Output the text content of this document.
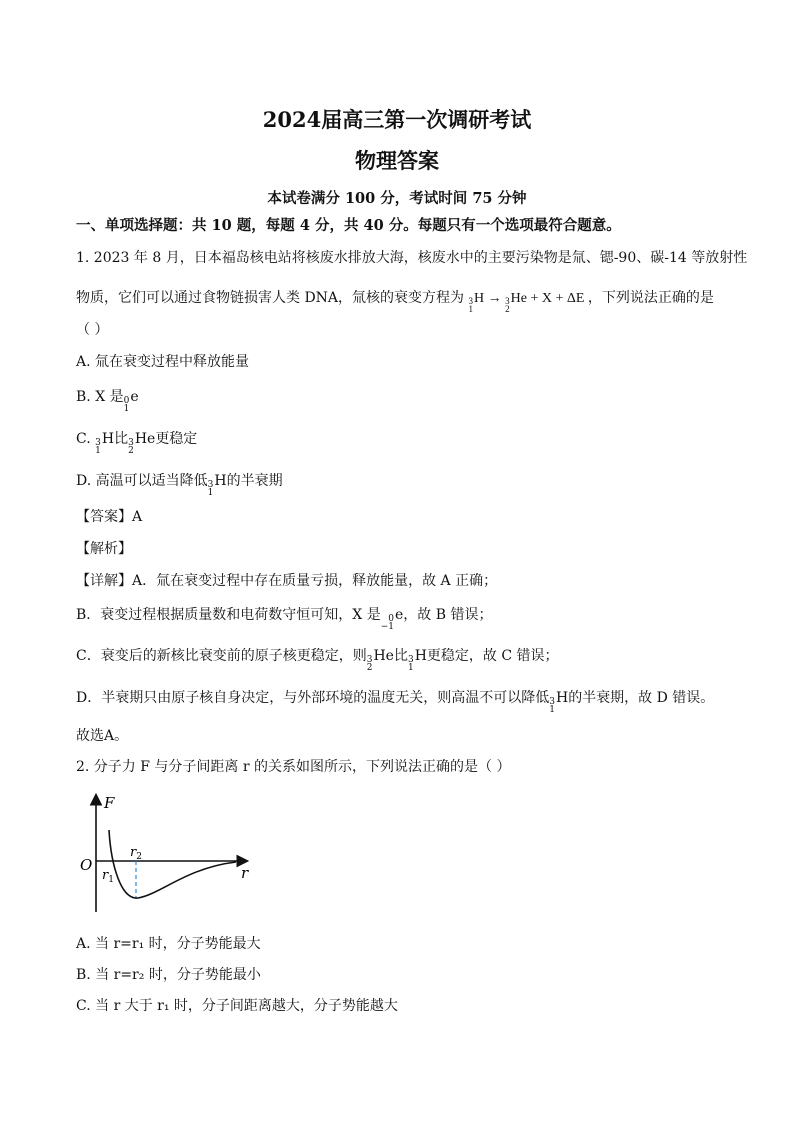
2024届高三第一次调研考试
物理答案
本试卷满分 100 分，考试时间 75 分钟
一、单项选择题：共 10 题，每题 4 分，共 40 分。每题只有一个选项最符合题意。
1. 2023 年 8 月，日本福岛核电站将核废水排放大海，核废水中的主要污染物是氚、锶-90、碳-14 等放射性
物质，它们可以通过食物链损害人类 DNA，氚核的衰变方程为 3
1
H → 3
2
He + X + ΔE ，下列说法正确的是
（ ）
A. 氚在衰变过程中释放能量
B. X 是 0
1
e
C. 3
1
H比 3
2
He更稳定
D. 高温可以适当降低 3
1
H的半衰期
【答案】A
【解析】
【详解】A．氚在衰变过程中存在质量亏损，释放能量，故 A 正确；
B．衰变过程根据质量数和电荷数守恒可知，X 是 0
−1
e，故 B 错误；
C．衰变后的新核比衰变前的原子核更稳定，则 3
2
He比 3
1
H更稳定，故 C 错误；
D．半衰期只由原子核自身决定，与外部环境的温度无关，则高温不可以降低 3
1
H的半衰期，故 D 错误。
故选A。
2. 分子力 F 与分子间距离 r 的关系如图所示，下列说法正确的是（ ）
F
r
O
$r_1$
$r_2$
A. 当 r=r₁ 时，分子势能最大
B. 当 r=r₂ 时，分子势能最小
C. 当 r 大于 r₁ 时，分子间距离越大，分子势能越大
